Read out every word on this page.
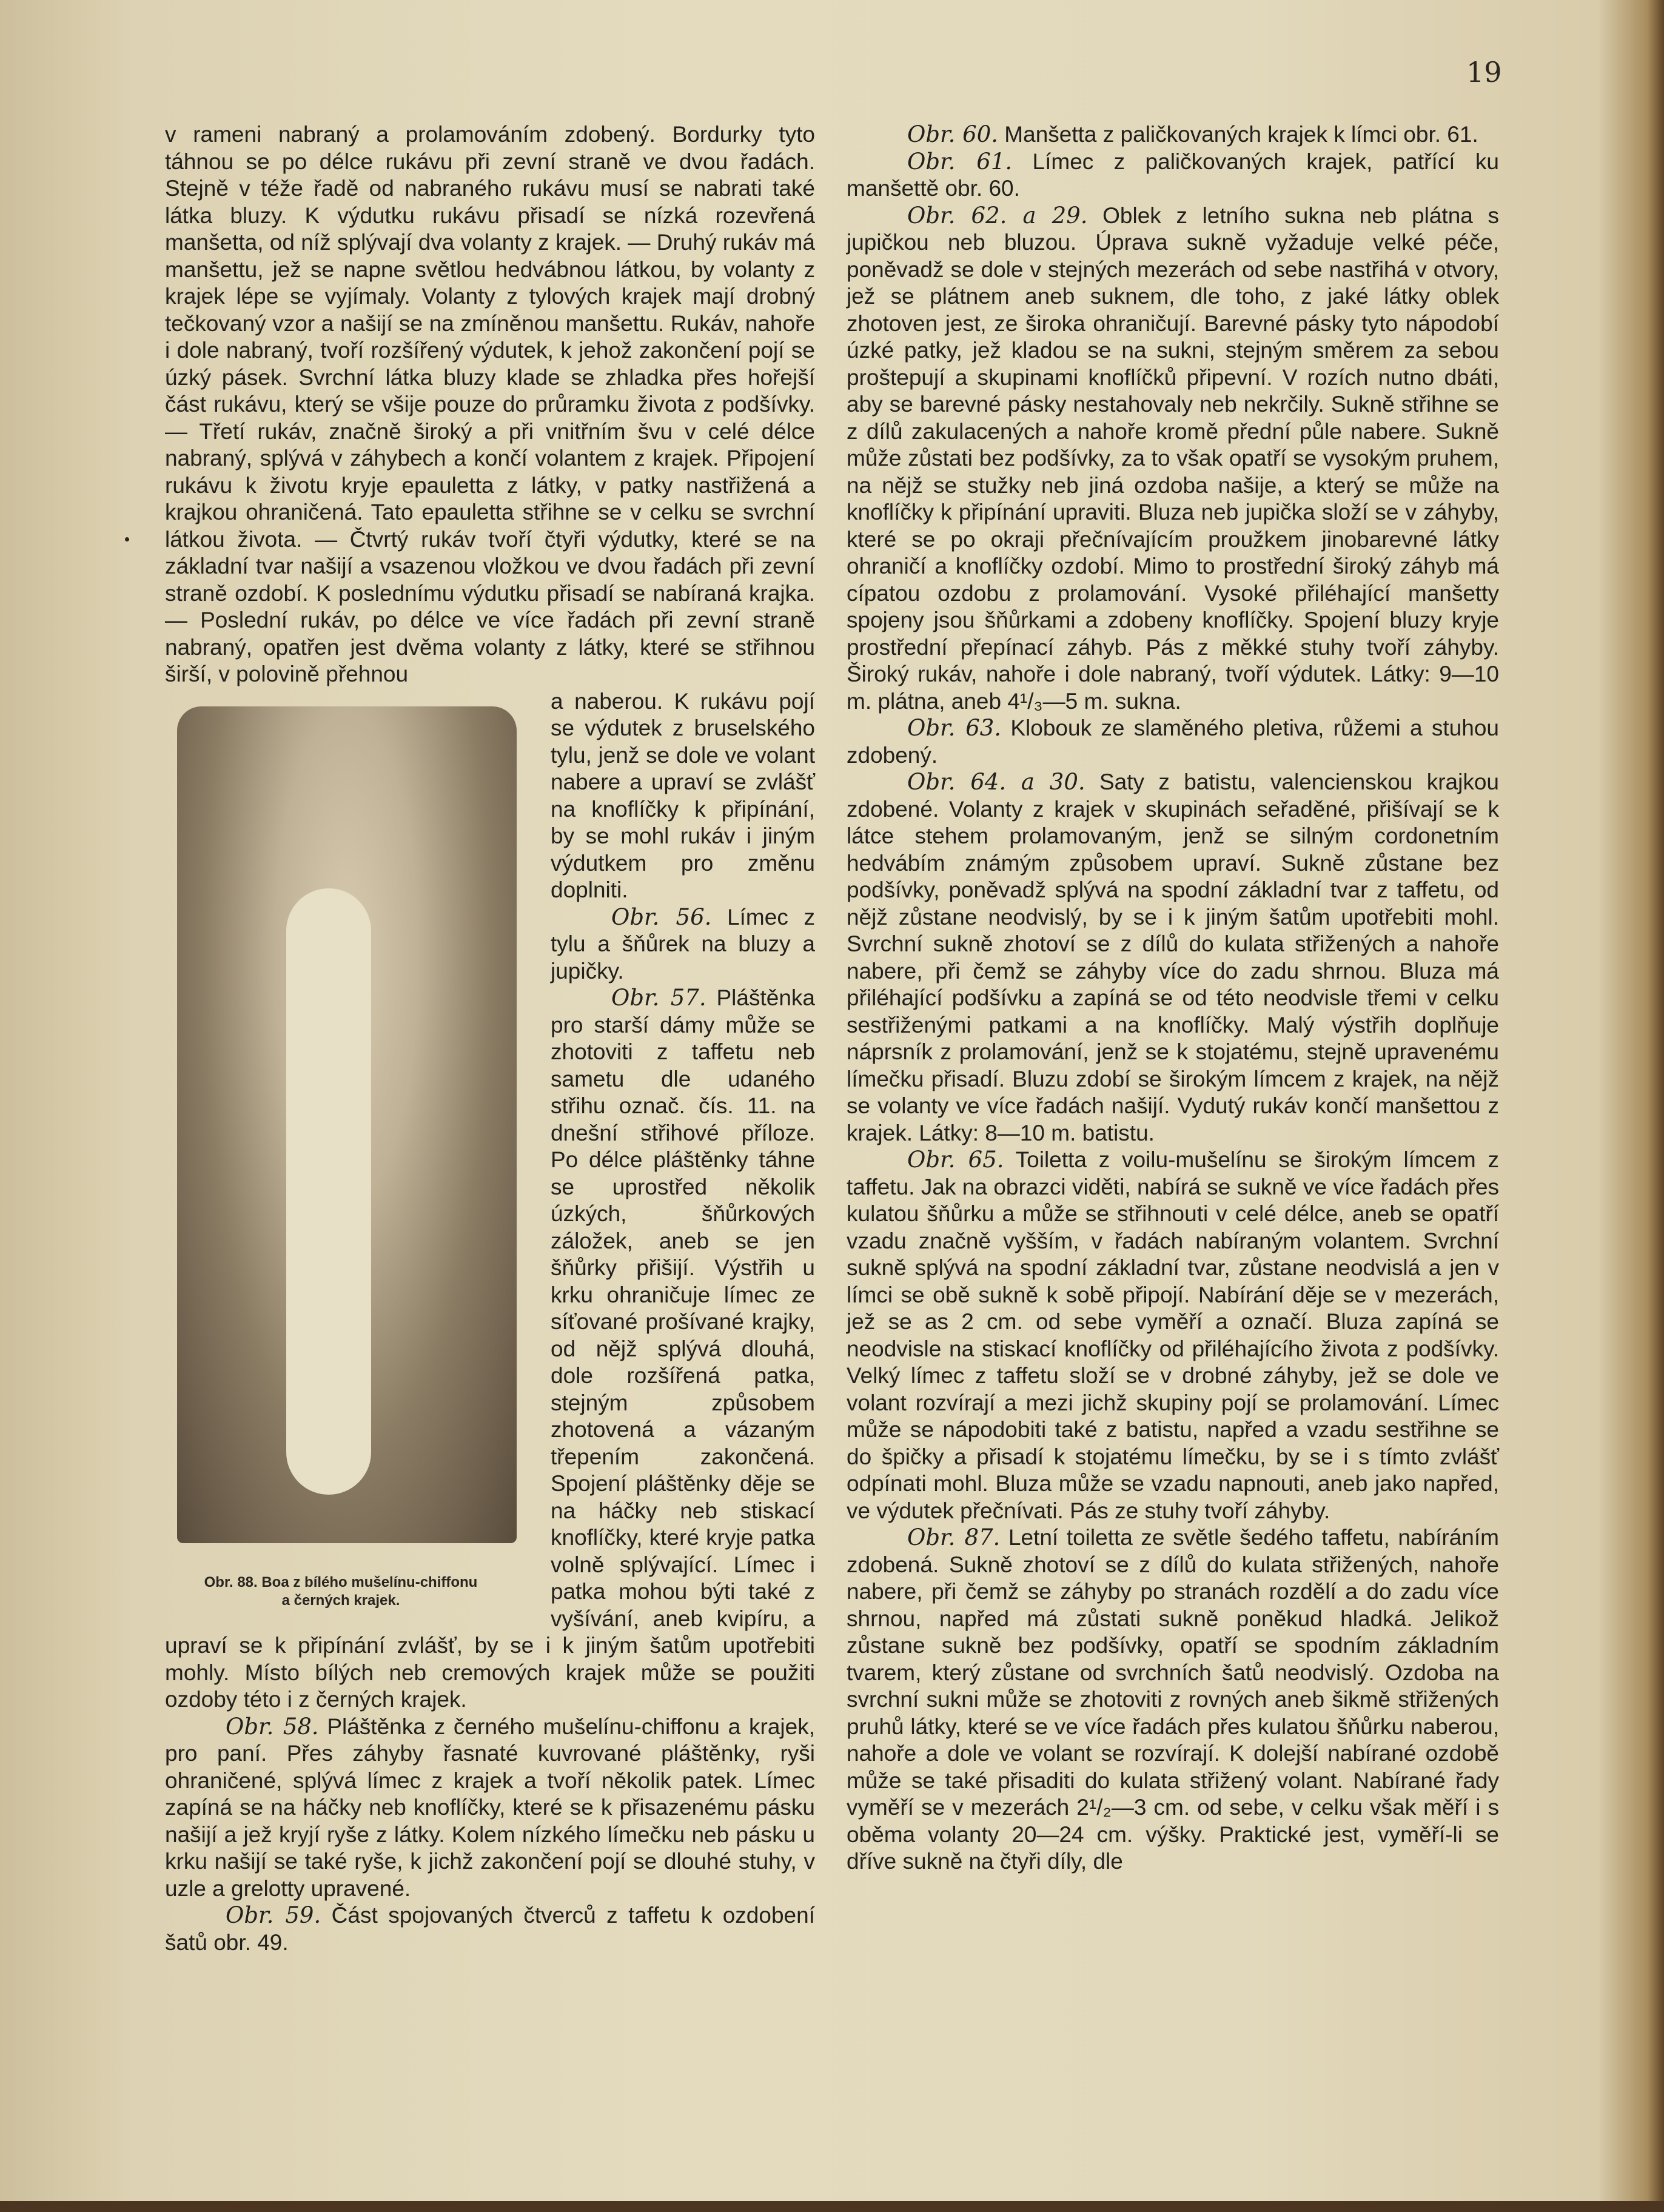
19

v rameni nabraný a prolamováním zdobený. Bordurky tyto táhnou se po délce rukávu při zevní straně ve dvou řadách. Stejně v téže řadě od nabraného rukávu musí se nabrati také látka bluzy. K výdutku rukávu přisadí se nízká rozevřená manšetta, od níž splývají dva volanty z krajek. — Druhý rukáv má manšettu, jež se napne světlou hedvábnou látkou, by volanty z krajek lépe se vyjímaly. Volanty z tylových krajek mají drobný tečkovaný vzor a našijí se na zmíněnou manšettu. Rukáv, nahoře i dole nabraný, tvoří rozšířený výdutek, k jehož zakončení pojí se úzký pásek. Svrchní látka bluzy klade se zhladka přes hořejší část rukávu, který se všije pouze do průramku života z podšívky. — Třetí rukáv, značně široký a při vnitřním švu v celé délce nabraný, splývá v záhybech a končí volantem z krajek. Připojení rukávu k životu kryje epauletta z látky, v patky nastřižená a krajkou ohraničená. Tato epauletta střihne se v celku se svrchní látkou života. — Čtvrtý rukáv tvoří čtyři výdutky, které se na základní tvar našijí a vsazenou vložkou ve dvou řadách při zevní straně ozdobí. K poslednímu výdutku přisadí se nabíraná krajka. — Poslední rukáv, po délce ve více řadách při zevní straně nabraný, opatřen jest dvěma volanty z látky, které se střihnou širší, v polovině přehnou

Obr. 88. Boa z bílého mušelínu-chiffonu
a černých krajek.

a naberou. K rukávu pojí se výdutek z bruselského tylu, jenž se dole ve volant nabere a upraví se zvlášť na knoflíčky k připínání, by se mohl rukáv i jiným výdutkem pro změnu doplniti.

Obr. 56. Límec z tylu a šňůrek na bluzy a jupičky.

Obr. 57. Pláštěnka pro starší dámy může se zhotoviti z taffetu neb sametu dle udaného střihu označ. čís. 11. na dnešní střihové příloze. Po délce pláštěnky táhne se uprostřed několik úzkých, šňůrkových záložek, aneb se jen šňůrky přišijí. Výstřih u krku ohraničuje límec ze síťované prošívané krajky, od nějž splývá dlouhá, dole rozšířená patka, stejným způsobem zhotovená a vázaným třepením zakončená. Spojení pláštěnky děje se na háčky neb stiskací knoflíčky, které kryje patka volně splývající. Límec i patka mohou býti také z vyšívání, aneb kvipíru, a upraví se k připínání zvlášť, by se i k jiným šatům upotřebiti mohly. Místo bílých neb cremových krajek může se použiti ozdoby této i z černých krajek.

Obr. 58. Pláštěnka z černého mušelínu-chiffonu a krajek, pro paní. Přes záhyby řasnaté kuvrované pláštěnky, ryši ohraničené, splývá límec z krajek a tvoří několik patek. Límec zapíná se na háčky neb knoflíčky, které se k přisazenému pásku našijí a jež kryjí ryše z látky. Kolem nízkého límečku neb pásku u krku našijí se také ryše, k jichž zakončení pojí se dlouhé stuhy, v uzle a grelotty upravené.

Obr. 59. Část spojovaných čtverců z taffetu k ozdobení šatů obr. 49.

Obr. 60. Manšetta z paličkovaných krajek k límci obr. 61.

Obr. 61. Límec z paličkovaných krajek, patřící ku manšettě obr. 60.

Obr. 62. a 29. Oblek z letního sukna neb plátna s jupičkou neb bluzou. Úprava sukně vyžaduje velké péče, poněvadž se dole v stejných mezerách od sebe nastřihá v otvory, jež se plátnem aneb suknem, dle toho, z jaké látky oblek zhotoven jest, ze široka ohraničují. Barevné pásky tyto nápodobí úzké patky, jež kladou se na sukni, stejným směrem za sebou proštepují a skupinami knoflíčků připevní. V rozích nutno dbáti, aby se barevné pásky nestahovaly neb nekrčily. Sukně střihne se z dílů zakulacených a nahoře kromě přední půle nabere. Sukně může zůstati bez podšívky, za to však opatří se vysokým pruhem, na nějž se stužky neb jiná ozdoba našije, a který se může na knoflíčky k připínání upraviti. Bluza neb jupička složí se v záhyby, které se po okraji přečnívajícím proužkem jinobarevné látky ohraničí a knoflíčky ozdobí. Mimo to prostřední široký záhyb má cípatou ozdobu z prolamování. Vysoké přiléhající manšetty spojeny jsou šňůrkami a zdobeny knoflíčky. Spojení bluzy kryje prostřední přepínací záhyb. Pás z měkké stuhy tvoří záhyby. Široký rukáv, nahoře i dole nabraný, tvoří výdutek. Látky: 9—10 m. plátna, aneb 4¹/₃—5 m. sukna.

Obr. 63. Klobouk ze slaměného pletiva, růžemi a stuhou zdobený.

Obr. 64. a 30. Saty z batistu, valencienskou krajkou zdobené. Volanty z krajek v skupinách seřaděné, přišívají se k látce stehem prolamovaným, jenž se silným cordonetním hedvábím známým způsobem upraví. Sukně zůstane bez podšívky, poněvadž splývá na spodní základní tvar z taffetu, od nějž zůstane neodvislý, by se i k jiným šatům upotřebiti mohl. Svrchní sukně zhotoví se z dílů do kulata střižených a nahoře nabere, při čemž se záhyby více do zadu shrnou. Bluza má přiléhající podšívku a zapíná se od této neodvisle třemi v celku sestřiženými patkami a na knoflíčky. Malý výstřih doplňuje náprsník z prolamování, jenž se k stojatému, stejně upravenému límečku přisadí. Bluzu zdobí se širokým límcem z krajek, na nějž se volanty ve více řadách našijí. Vydutý rukáv končí manšettou z krajek. Látky: 8—10 m. batistu.

Obr. 65. Toiletta z voilu-mušelínu se širokým límcem z taffetu. Jak na obrazci viděti, nabírá se sukně ve více řadách přes kulatou šňůrku a může se střihnouti v celé délce, aneb se opatří vzadu značně vyšším, v řadách nabíraným volantem. Svrchní sukně splývá na spodní základní tvar, zůstane neodvislá a jen v límci se obě sukně k sobě připojí. Nabírání děje se v mezerách, jež se as 2 cm. od sebe vyměří a označí. Bluza zapíná se neodvisle na stiskací knoflíčky od přiléhajícího života z podšívky. Velký límec z taffetu složí se v drobné záhyby, jež se dole ve volant rozvírají a mezi jichž skupiny pojí se prolamování. Límec může se nápodobiti také z batistu, napřed a vzadu sestřihne se do špičky a přisadí k stojatému límečku, by se i s tímto zvlášť odpínati mohl. Bluza může se vzadu napnouti, aneb jako napřed, ve výdutek přečnívati. Pás ze stuhy tvoří záhyby.

Obr. 87. Letní toiletta ze světle šedého taffetu, nabíráním zdobená. Sukně zhotoví se z dílů do kulata střižených, nahoře nabere, při čemž se záhyby po stranách rozdělí a do zadu více shrnou, napřed má zůstati sukně poněkud hladká. Jelikož zůstane sukně bez podšívky, opatří se spodním základním tvarem, který zůstane od svrchních šatů neodvislý. Ozdoba na svrchní sukni může se zhotoviti z rovných aneb šikmě střižených pruhů látky, které se ve více řadách přes kulatou šňůrku naberou, nahoře a dole ve volant se rozvírají. K dolejší nabírané ozdobě může se také přisaditi do kulata střižený volant. Nabírané řady vyměří se v mezerách 2¹/₂—3 cm. od sebe, v celku však měří i s oběma volanty 20—24 cm. výšky. Praktické jest, vyměří-li se dříve sukně na čtyři díly, dle
